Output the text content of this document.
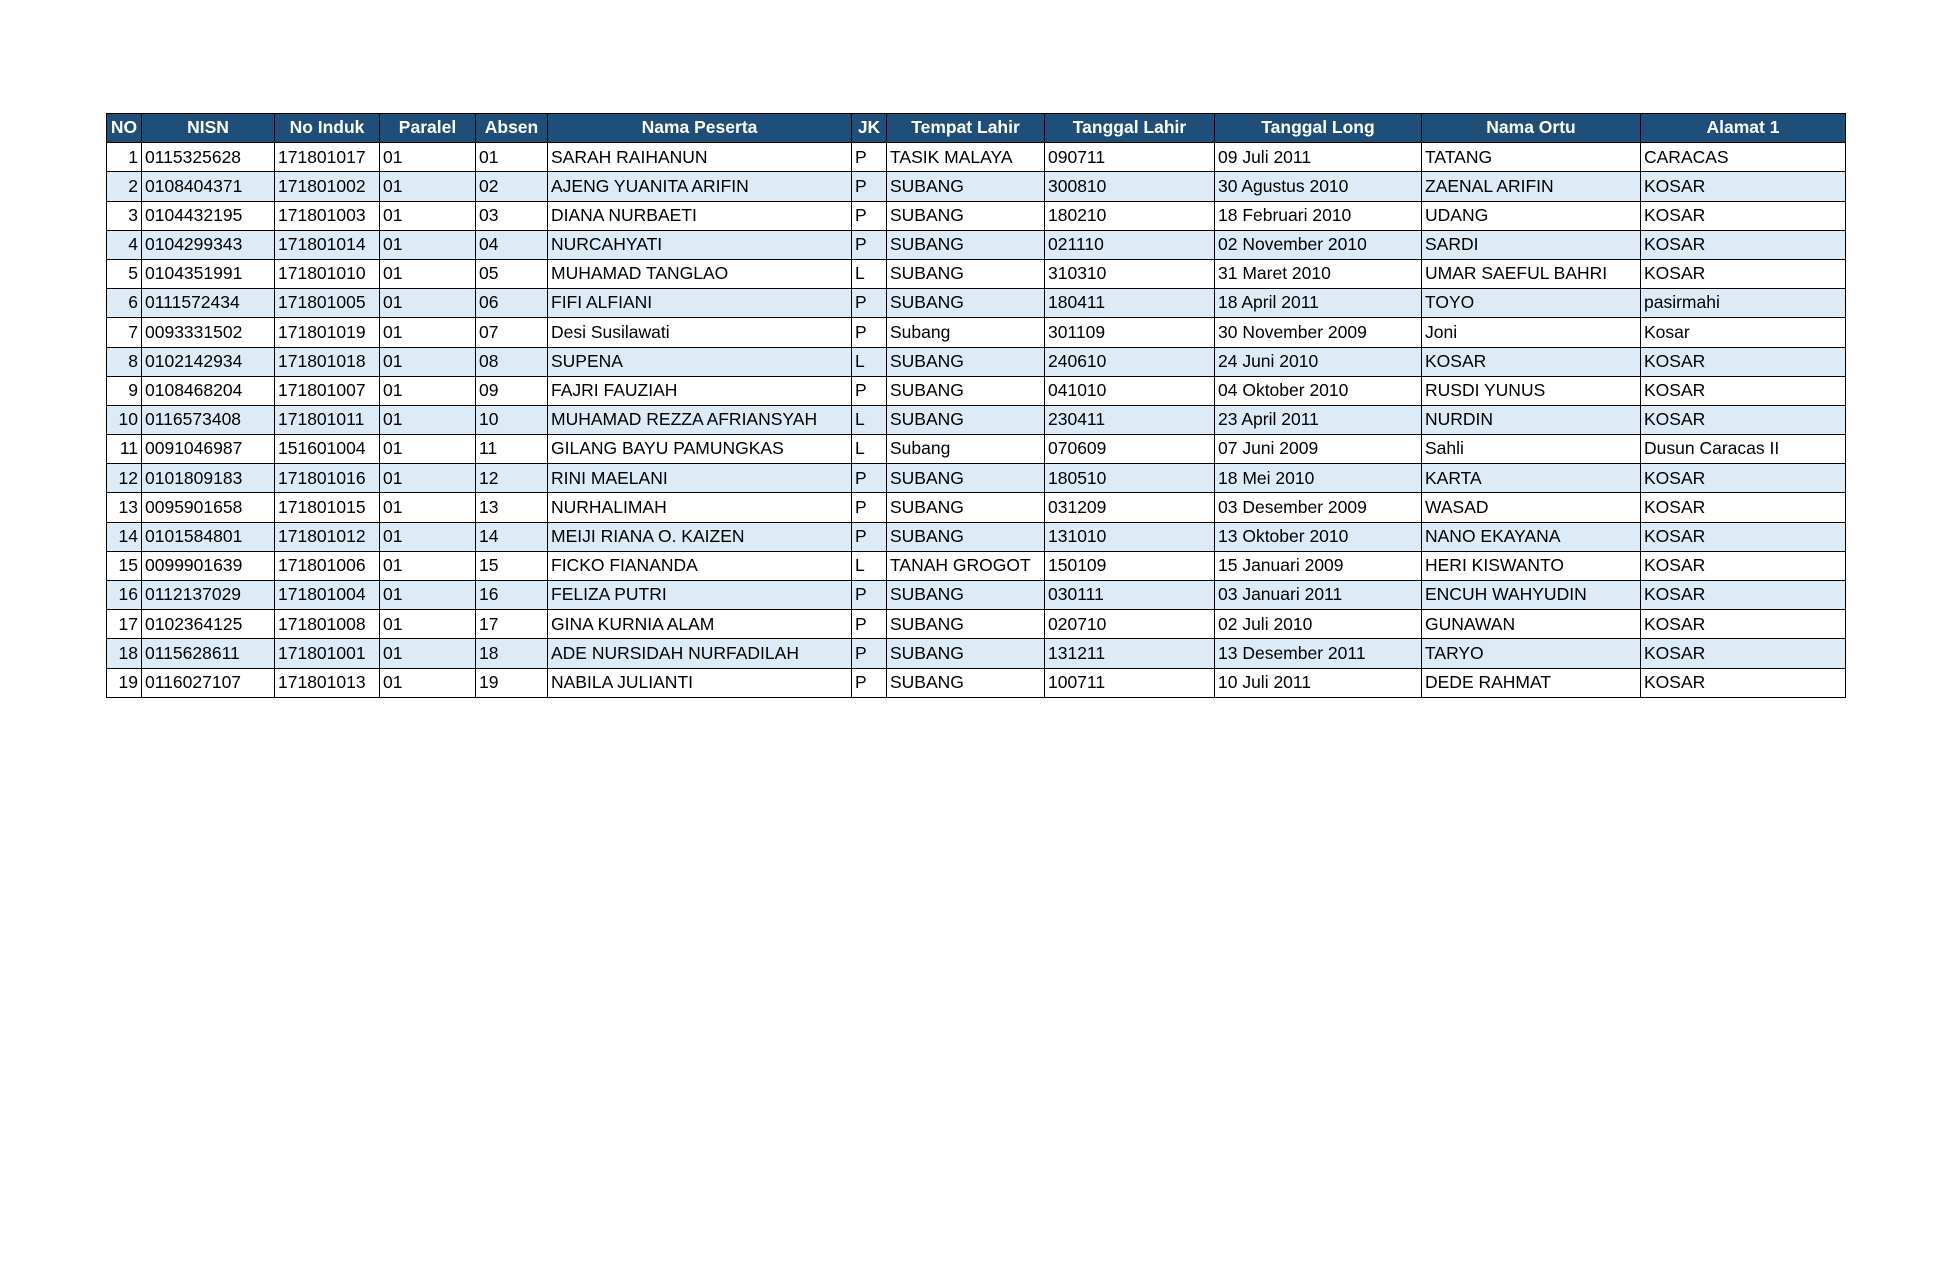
NO	NISN	No Induk	Paralel	Absen	Nama Peserta	JK	Tempat Lahir	Tanggal Lahir	Tanggal Long	Nama Ortu	Alamat 1
1	0115325628	171801017	01	01	SARAH RAIHANUN	P	TASIK MALAYA	090711	09 Juli 2011	TATANG	CARACAS
2	0108404371	171801002	01	02	AJENG YUANITA ARIFIN	P	SUBANG	300810	30 Agustus 2010	ZAENAL ARIFIN	KOSAR
3	0104432195	171801003	01	03	DIANA NURBAETI	P	SUBANG	180210	18 Februari 2010	UDANG	KOSAR
4	0104299343	171801014	01	04	NURCAHYATI	P	SUBANG	021110	02 November 2010	SARDI	KOSAR
5	0104351991	171801010	01	05	MUHAMAD TANGLAO	L	SUBANG	310310	31 Maret 2010	UMAR SAEFUL BAHRI	KOSAR
6	0111572434	171801005	01	06	FIFI ALFIANI	P	SUBANG	180411	18 April 2011	TOYO	pasirmahi
7	0093331502	171801019	01	07	Desi Susilawati	P	Subang	301109	30 November 2009	Joni	Kosar
8	0102142934	171801018	01	08	SUPENA	L	SUBANG	240610	24 Juni 2010	KOSAR	KOSAR
9	0108468204	171801007	01	09	FAJRI FAUZIAH	P	SUBANG	041010	04 Oktober 2010	RUSDI YUNUS	KOSAR
10	0116573408	171801011	01	10	MUHAMAD REZZA AFRIANSYAH	L	SUBANG	230411	23 April 2011	NURDIN	KOSAR
11	0091046987	151601004	01	11	GILANG BAYU PAMUNGKAS	L	Subang	070609	07 Juni 2009	Sahli	Dusun Caracas II
12	0101809183	171801016	01	12	RINI MAELANI	P	SUBANG	180510	18 Mei 2010	KARTA	KOSAR
13	0095901658	171801015	01	13	NURHALIMAH	P	SUBANG	031209	03 Desember 2009	WASAD	KOSAR
14	0101584801	171801012	01	14	MEIJI RIANA O. KAIZEN	P	SUBANG	131010	13 Oktober 2010	NANO EKAYANA	KOSAR
15	0099901639	171801006	01	15	FICKO FIANANDA	L	TANAH GROGOT	150109	15 Januari 2009	HERI KISWANTO	KOSAR
16	0112137029	171801004	01	16	FELIZA PUTRI	P	SUBANG	030111	03 Januari 2011	ENCUH WAHYUDIN	KOSAR
17	0102364125	171801008	01	17	GINA KURNIA ALAM	P	SUBANG	020710	02 Juli 2010	GUNAWAN	KOSAR
18	0115628611	171801001	01	18	ADE NURSIDAH NURFADILAH	P	SUBANG	131211	13 Desember 2011	TARYO	KOSAR
19	0116027107	171801013	01	19	NABILA JULIANTI	P	SUBANG	100711	10 Juli 2011	DEDE RAHMAT	KOSAR
